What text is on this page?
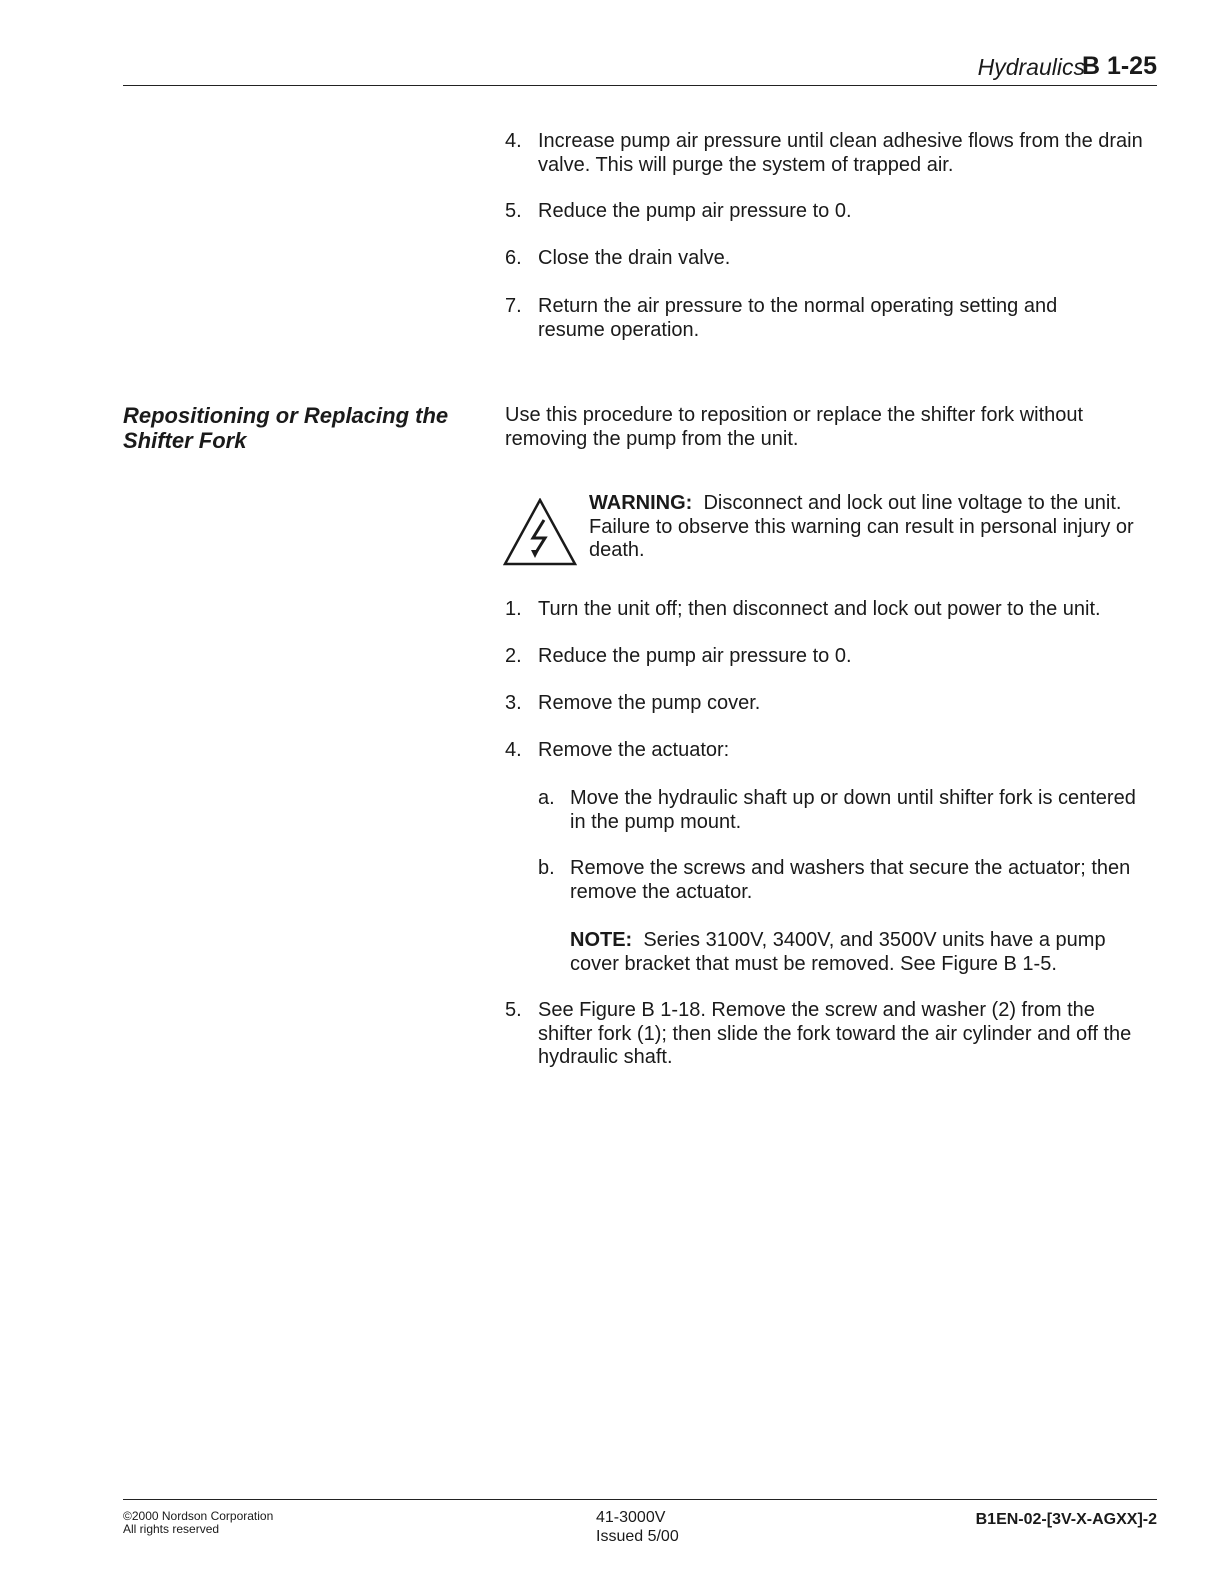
Hydraulics
B 1-25
4. Increase pump air pressure until clean adhesive flows from the drain valve. This will purge the system of trapped air.
5. Reduce the pump air pressure to 0.
6. Close the drain valve.
7. Return the air pressure to the normal operating setting and resume operation.
Repositioning or Replacing the Shifter Fork
Use this procedure to reposition or replace the shifter fork without removing the pump from the unit.
WARNING: Disconnect and lock out line voltage to the unit. Failure to observe this warning can result in personal injury or death.
1. Turn the unit off; then disconnect and lock out power to the unit.
2. Reduce the pump air pressure to 0.
3. Remove the pump cover.
4. Remove the actuator:
a. Move the hydraulic shaft up or down until shifter fork is centered in the pump mount.
b. Remove the screws and washers that secure the actuator; then remove the actuator.
NOTE: Series 3100V, 3400V, and 3500V units have a pump cover bracket that must be removed. See Figure B 1-5.
5. See Figure B 1-18. Remove the screw and washer (2) from the shifter fork (1); then slide the fork toward the air cylinder and off the hydraulic shaft.
©2000 Nordson Corporation
All rights reserved
41-3000V
Issued 5/00
B1EN-02-[3V-X-AGXX]-2
